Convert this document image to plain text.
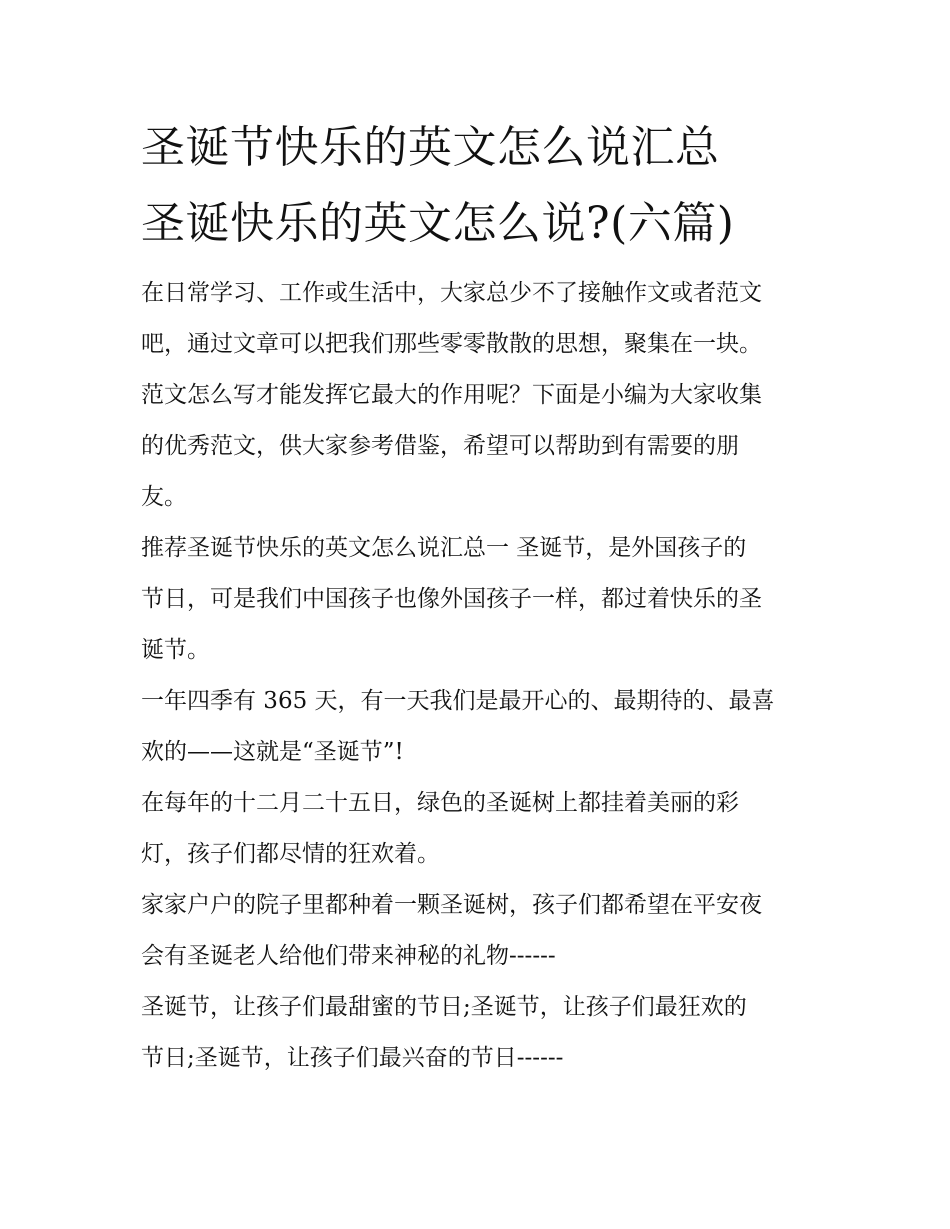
圣诞节快乐的英文怎么说汇总
圣诞快乐的英文怎么说?(六篇)

在日常学习、工作或生活中，大家总少不了接触作文或者范文
吧，通过文章可以把我们那些零零散散的思想，聚集在一块。
范文怎么写才能发挥它最大的作用呢？下面是小编为大家收集
的优秀范文，供大家参考借鉴，希望可以帮助到有需要的朋
友。

推荐圣诞节快乐的英文怎么说汇总一 圣诞节，是外国孩子的
节日，可是我们中国孩子也像外国孩子一样，都过着快乐的圣
诞节。

一年四季有 365 天，有一天我们是最开心的、最期待的、最喜
欢的——这就是“圣诞节”!

在每年的十二月二十五日，绿色的圣诞树上都挂着美丽的彩
灯，孩子们都尽情的狂欢着。

家家户户的院子里都种着一颗圣诞树，孩子们都希望在平安夜
会有圣诞老人给他们带来神秘的礼物------

圣诞节，让孩子们最甜蜜的节日;圣诞节，让孩子们最狂欢的
节日;圣诞节，让孩子们最兴奋的节日------
